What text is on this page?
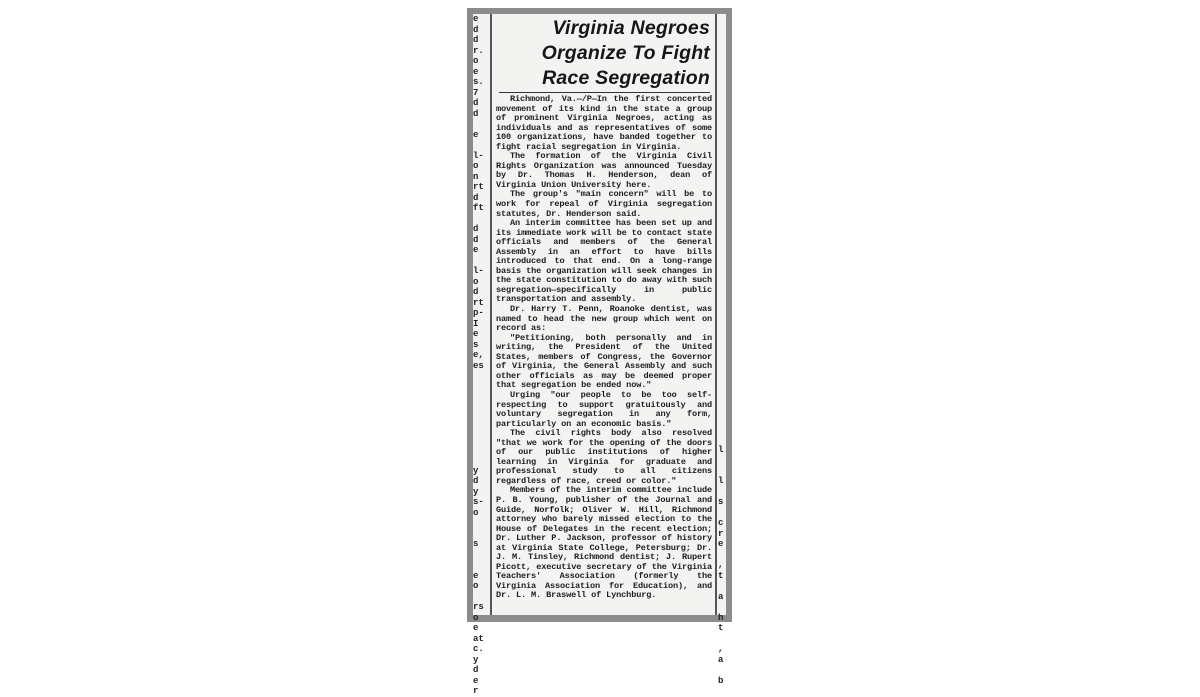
e
d
d
r.
o
e
s.
7
d
d
e
l-
o
n
rt
d
ft
d
d
e
l-
o
d
rt
p-
I
e
s
e,
es
y
d
y
s-
o
s
e
o
rs
o
e
at
c.
y
d
e
r
Virginia Negroes
Organize To Fight
Race Segregation

Richmond, Va.—/P—In the first concerted movement of its kind in the state a group of prominent Virginia Negroes, acting as individuals and as representatives of some 100 organizations, have banded together to fight racial segregation in Virginia.

The formation of the Virginia Civil Rights Organization was announced Tuesday by Dr. Thomas H. Henderson, dean of Virginia Union University here.

The group's "main concern" will be to work for repeal of Virginia segregation statutes, Dr. Henderson said.

An interim committee has been set up and its immediate work will be to contact state officials and members of the General Assembly in an effort to have bills introduced to that end. On a long-range basis the organization will seek changes in the state constitution to do away with such segregation—specifically in public transportation and assembly.

Dr. Harry T. Penn, Roanoke dentist, was named to head the new group which went on record as:

"Petitioning, both personally and in writing, the President of the United States, members of Congress, the Governor of Virginia, the General Assembly and such other officials as may be deemed proper that segregation be ended now."

Urging "our people to be too self-respecting to support gratuitously and voluntary segregation in any form, particularly on an economic basis."

The civil rights body also resolved "that we work for the opening of the doors of our public institutions of higher learning in Virginia for graduate and professional study to all citizens regardless of race, creed or color."

Members of the interim committee include P. B. Young, publisher of the Journal and Guide, Norfolk; Oliver W. Hill, Richmond attorney who barely missed election to the House of Delegates in the recent election; Dr. Luther P. Jackson, professor of history at Virginia State College, Petersburg; Dr. J. M. Tinsley, Richmond dentist; J. Rupert Picott, executive secretary of the Virginia Teachers' Association (formerly the Virginia Association for Education), and Dr. L. M. Braswell of Lynchburg.

l
l
s
c
r
e
,
t
a
h
t
,
a
b
